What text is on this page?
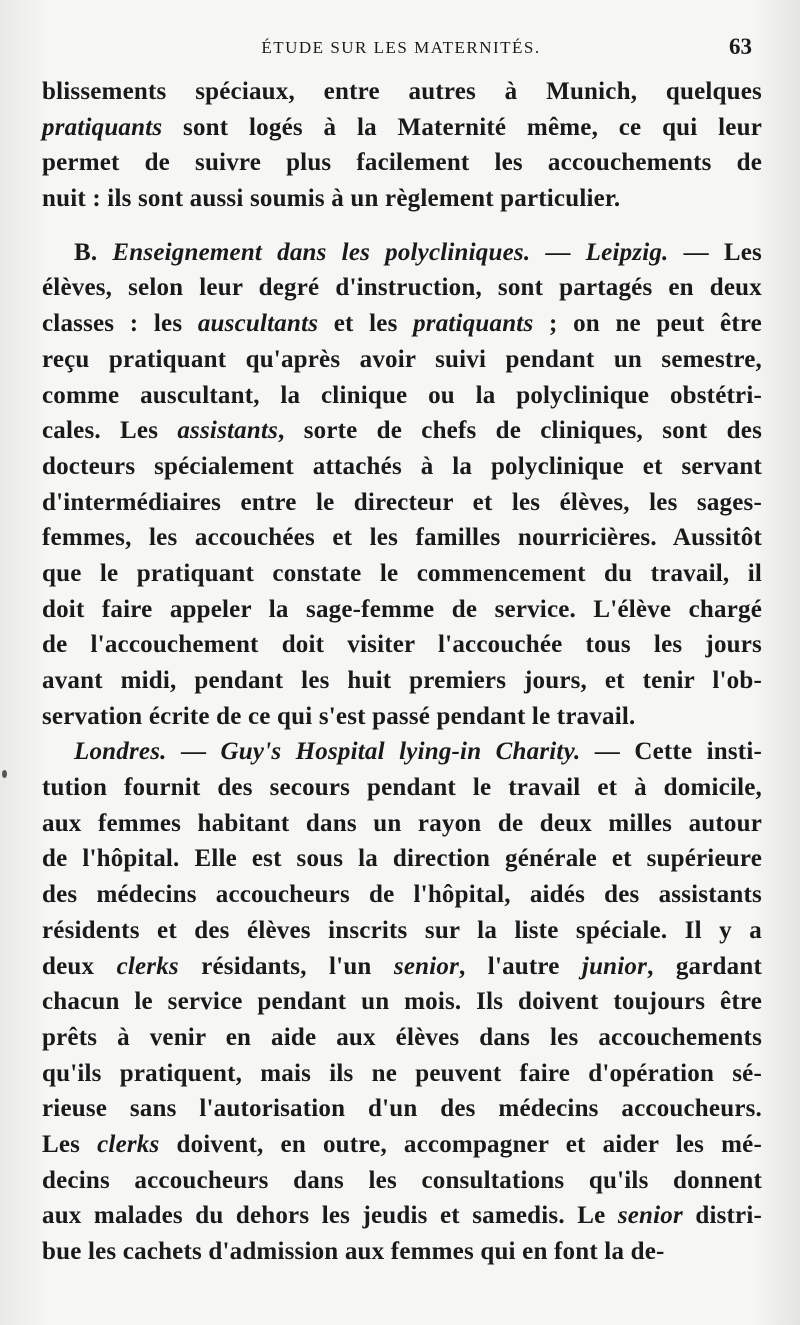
ÉTUDE SUR LES MATERNITÉS.	63
blissements spéciaux, entre autres à Munich, quelques
pratiquants sont logés à la Maternité même, ce qui leur
permet de suivre plus facilement les accouchements de
nuit : ils sont aussi soumis à un règlement particulier.
B. Enseignement dans les polycliniques. — Leipzig. — Les
élèves, selon leur degré d'instruction, sont partagés en deux
classes : les auscultants et les pratiquants ; on ne peut être
reçu pratiquant qu'après avoir suivi pendant un semestre,
comme auscultant, la clinique ou la polyclinique obstétri-
cales. Les assistants, sorte de chefs de cliniques, sont des
docteurs spécialement attachés à la polyclinique et servant
d'intermédiaires entre le directeur et les élèves, les sages-
femmes, les accouchées et les familles nourricières. Aussitôt
que le pratiquant constate le commencement du travail, il
doit faire appeler la sage-femme de service. L'élève chargé
de l'accouchement doit visiter l'accouchée tous les jours
avant midi, pendant les huit premiers jours, et tenir l'ob-
servation écrite de ce qui s'est passé pendant le travail.
Londres. — Guy's Hospital lying-in Charity. — Cette insti-
tution fournit des secours pendant le travail et à domicile,
aux femmes habitant dans un rayon de deux milles autour
de l'hôpital. Elle est sous la direction générale et supérieure
des médecins accoucheurs de l'hôpital, aidés des assistants
résidents et des élèves inscrits sur la liste spéciale. Il y a
deux clerks résidants, l'un senior, l'autre junior, gardant
chacun le service pendant un mois. Ils doivent toujours être
prêts à venir en aide aux élèves dans les accouchements
qu'ils pratiquent, mais ils ne peuvent faire d'opération sé-
rieuse sans l'autorisation d'un des médecins accoucheurs.
Les clerks doivent, en outre, accompagner et aider les mé-
decins accoucheurs dans les consultations qu'ils donnent
aux malades du dehors les jeudis et samedis. Le senior distri-
bue les cachets d'admission aux femmes qui en font la de-
